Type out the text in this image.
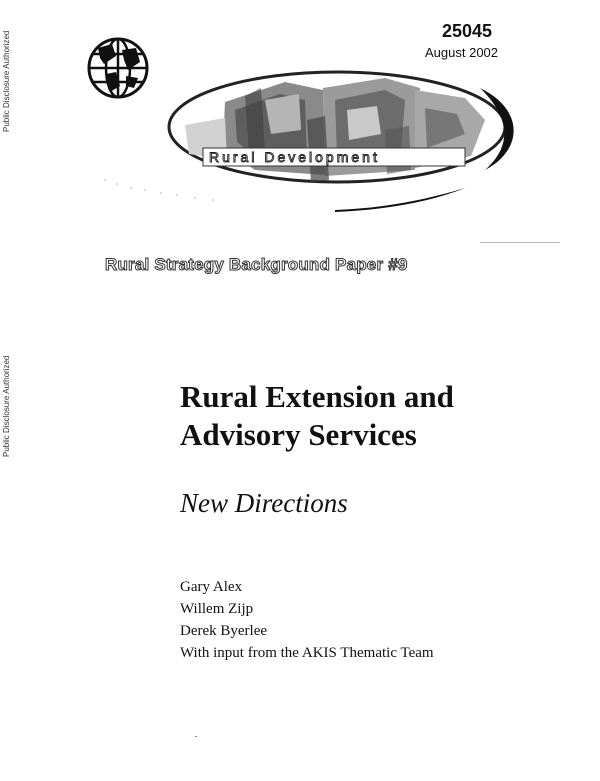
Public Disclosure Authorized
Public Disclosure Authorized
25045
August 2002
Rural Development
Rural Strategy Background Paper #9
Rural Extension and
Advisory Services
New Directions
Gary Alex
Willem Zijp
Derek Byerlee
With input from the AKIS Thematic Team
